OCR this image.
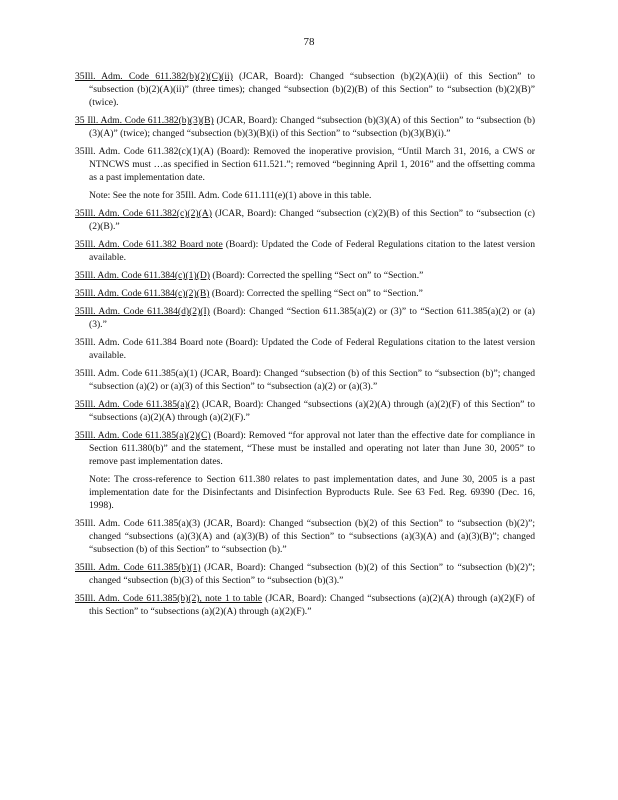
78

35Ill. Adm. Code 611.382(b)(2)(C)(ii) (JCAR, Board): Changed “subsection (b)(2)(A)(ii) of this Section” to “subsection (b)(2)(A)(ii)” (three times); changed “subsection (b)(2)(B) of this Section” to “subsection (b)(2)(B)” (twice).

35 Ill. Adm. Code 611.382(b)(3)(B) (JCAR, Board): Changed “subsection (b)(3)(A) of this Section” to “subsection (b)(3)(A)” (twice); changed “subsection (b)(3)(B)(i) of this Section” to “subsection (b)(3)(B)(i).”

35Ill. Adm. Code 611.382(c)(1)(A) (Board): Removed the inoperative provision, “Until March 31, 2016, a CWS or NTNCWS must …as specified in Section 611.521.”; removed “beginning April 1, 2016” and the offsetting comma as a past implementation date.

Note: See the note for 35Ill. Adm. Code 611.111(e)(1) above in this table.

35Ill. Adm. Code 611.382(c)(2)(A) (JCAR, Board): Changed “subsection (c)(2)(B) of this Section” to “subsection (c)(2)(B).”

35Ill. Adm. Code 611.382 Board note (Board): Updated the Code of Federal Regulations citation to the latest version available.

35Ill. Adm. Code 611.384(c)(1)(D) (Board): Corrected the spelling “Sect on” to “Section.”

35Ill. Adm. Code 611.384(c)(2)(B) (Board): Corrected the spelling “Sect on” to “Section.”

35Ill. Adm. Code 611.384(d)(2)(I) (Board): Changed “Section 611.385(a)(2) or (3)” to “Section 611.385(a)(2) or (a)(3).”

35Ill. Adm. Code 611.384 Board note (Board): Updated the Code of Federal Regulations citation to the latest version available.

35Ill. Adm. Code 611.385(a)(1) (JCAR, Board): Changed “subsection (b) of this Section” to “subsection (b)”; changed “subsection (a)(2) or (a)(3) of this Section” to “subsection (a)(2) or (a)(3).”

35Ill. Adm. Code 611.385(a)(2) (JCAR, Board): Changed “subsections (a)(2)(A) through (a)(2)(F) of this Section” to “subsections (a)(2)(A) through (a)(2)(F).”

35Ill. Adm. Code 611.385(a)(2)(C) (Board): Removed “for approval not later than the effective date for compliance in Section 611.380(b)” and the statement, “These must be installed and operating not later than June 30, 2005” to remove past implementation dates.

Note: The cross-reference to Section 611.380 relates to past implementation dates, and June 30, 2005 is a past implementation date for the Disinfectants and Disinfection Byproducts Rule. See 63 Fed. Reg. 69390 (Dec. 16, 1998).

35Ill. Adm. Code 611.385(a)(3) (JCAR, Board): Changed “subsection (b)(2) of this Section” to “subsection (b)(2)”; changed “subsections (a)(3)(A) and (a)(3)(B) of this Section” to “subsections (a)(3)(A) and (a)(3)(B)”; changed “subsection (b) of this Section” to “subsection (b).”

35Ill. Adm. Code 611.385(b)(1) (JCAR, Board): Changed “subsection (b)(2) of this Section” to “subsection (b)(2)”; changed “subsection (b)(3) of this Section” to “subsection (b)(3).”

35Ill. Adm. Code 611.385(b)(2), note 1 to table (JCAR, Board): Changed “subsections (a)(2)(A) through (a)(2)(F) of this Section” to “subsections (a)(2)(A) through (a)(2)(F).”
